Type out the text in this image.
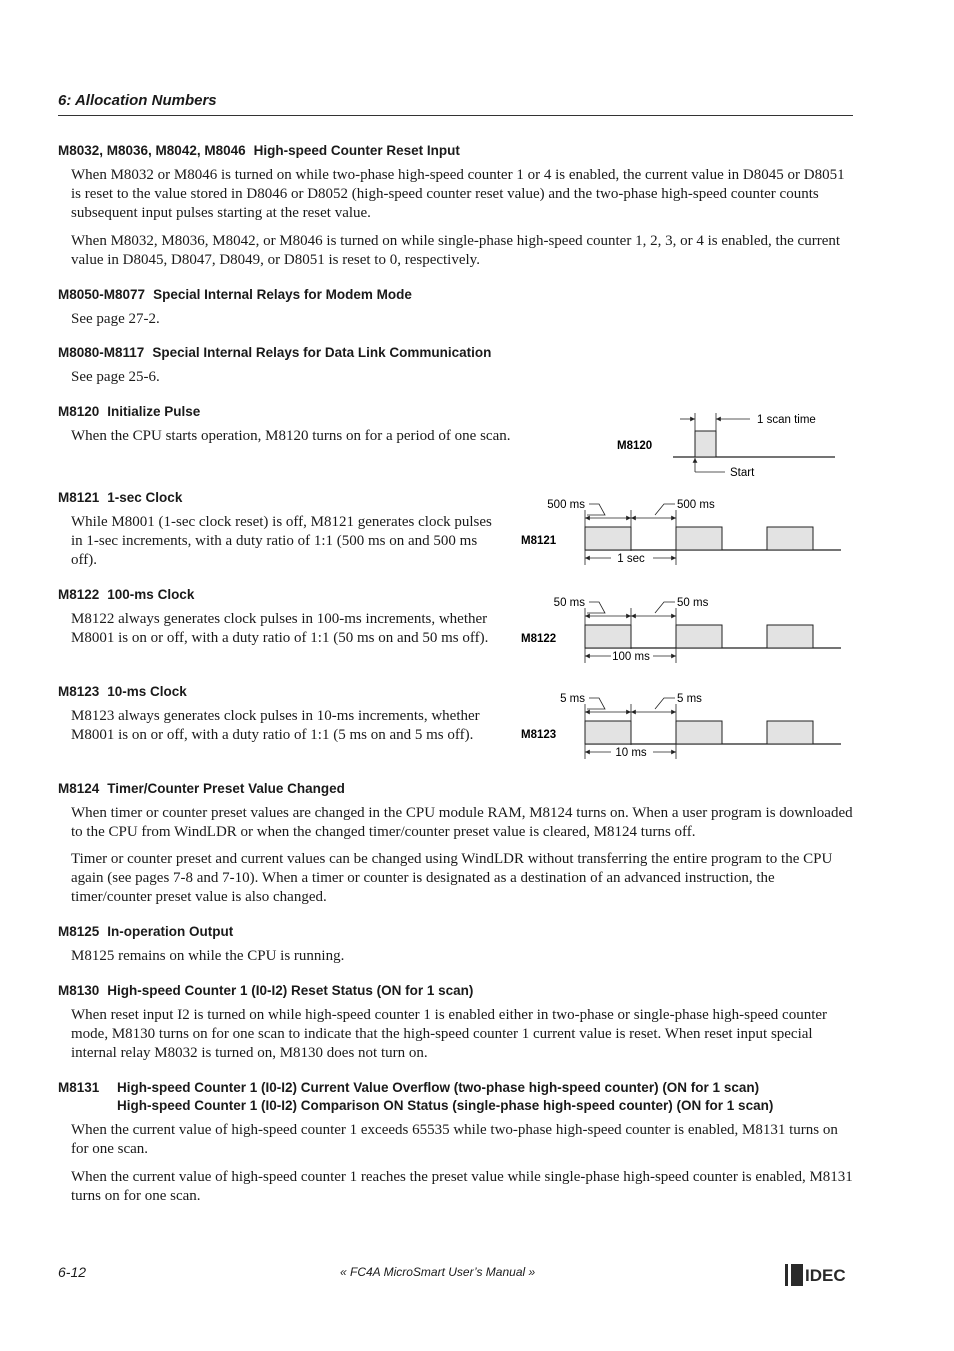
6: Allocation Numbers
M8032, M8036, M8042, M8046 High-speed Counter Reset Input

When M8032 or M8046 is turned on while two-phase high-speed counter 1 or 4 is enabled, the current value in D8045 or D8051 is reset to the value stored in D8046 or D8052 (high-speed counter reset value) and the two-phase high-speed counter counts subsequent input pulses starting at the reset value.

When M8032, M8036, M8042, or M8046 is turned on while single-phase high-speed counter 1, 2, 3, or 4 is enabled, the current value in D8045, D8047, D8049, or D8051 is reset to 0, respectively.

M8050-M8077 Special Internal Relays for Modem Mode

See page 27-2.

M8080-M8117 Special Internal Relays for Data Link Communication

See page 25-6.

M8120 Initialize Pulse

When the CPU starts operation, M8120 turns on for a period of one scan.

M8120
1 scan time
Start
M8121 1-sec Clock

While M8001 (1-sec clock reset) is off, M8121 generates clock pulses in 1-sec increments, with a duty ratio of 1:1 (500 ms on and 500 ms off).

M8121
500 ms	500 ms
1 sec
M8122 100-ms Clock

M8122 always generates clock pulses in 100-ms increments, whether M8001 is on or off, with a duty ratio of 1:1 (50 ms on and 50 ms off).	M8122
50 ms	50 ms
100 ms
M8123 10-ms Clock

M8123 always generates clock pulses in 10-ms increments, whether M8001 is on or off, with a duty ratio of 1:1 (5 ms on and 5 ms off).	M8123
5 ms	5 ms
10 ms
M8124 Timer/Counter Preset Value Changed

When timer or counter preset values are changed in the CPU module RAM, M8124 turns on. When a user program is downloaded to the CPU from WindLDR or when the changed timer/counter preset value is cleared, M8124 turns off.

Timer or counter preset and current values can be changed using WindLDR without transferring the entire program to the CPU again (see pages 7-8 and 7-10). When a timer or counter is designated as a destination of an advanced instruction, the timer/counter preset value is also changed.

M8125 In-operation Output

M8125 remains on while the CPU is running.

M8130 High-speed Counter 1 (I0-I2) Reset Status (ON for 1 scan)

When reset input I2 is turned on while high-speed counter 1 is enabled either in two-phase or single-phase high-speed counter mode, M8130 turns on for one scan to indicate that the high-speed counter 1 current value is reset. When reset input special internal relay M8032 is turned on, M8130 does not turn on.

M8131 High-speed Counter 1 (I0-I2) Current Value Overflow (two-phase high-speed counter) (ON for 1 scan)
High-speed Counter 1 (I0-I2) Comparison ON Status (single-phase high-speed counter) (ON for 1 scan)

When the current value of high-speed counter 1 exceeds 65535 while two-phase high-speed counter is enabled, M8131 turns on for one scan.

When the current value of high-speed counter 1 reaches the preset value while single-phase high-speed counter is enabled, M8131 turns on for one scan.

6-12	« FC4A MicroSmart User’s Manual »	IDEC
